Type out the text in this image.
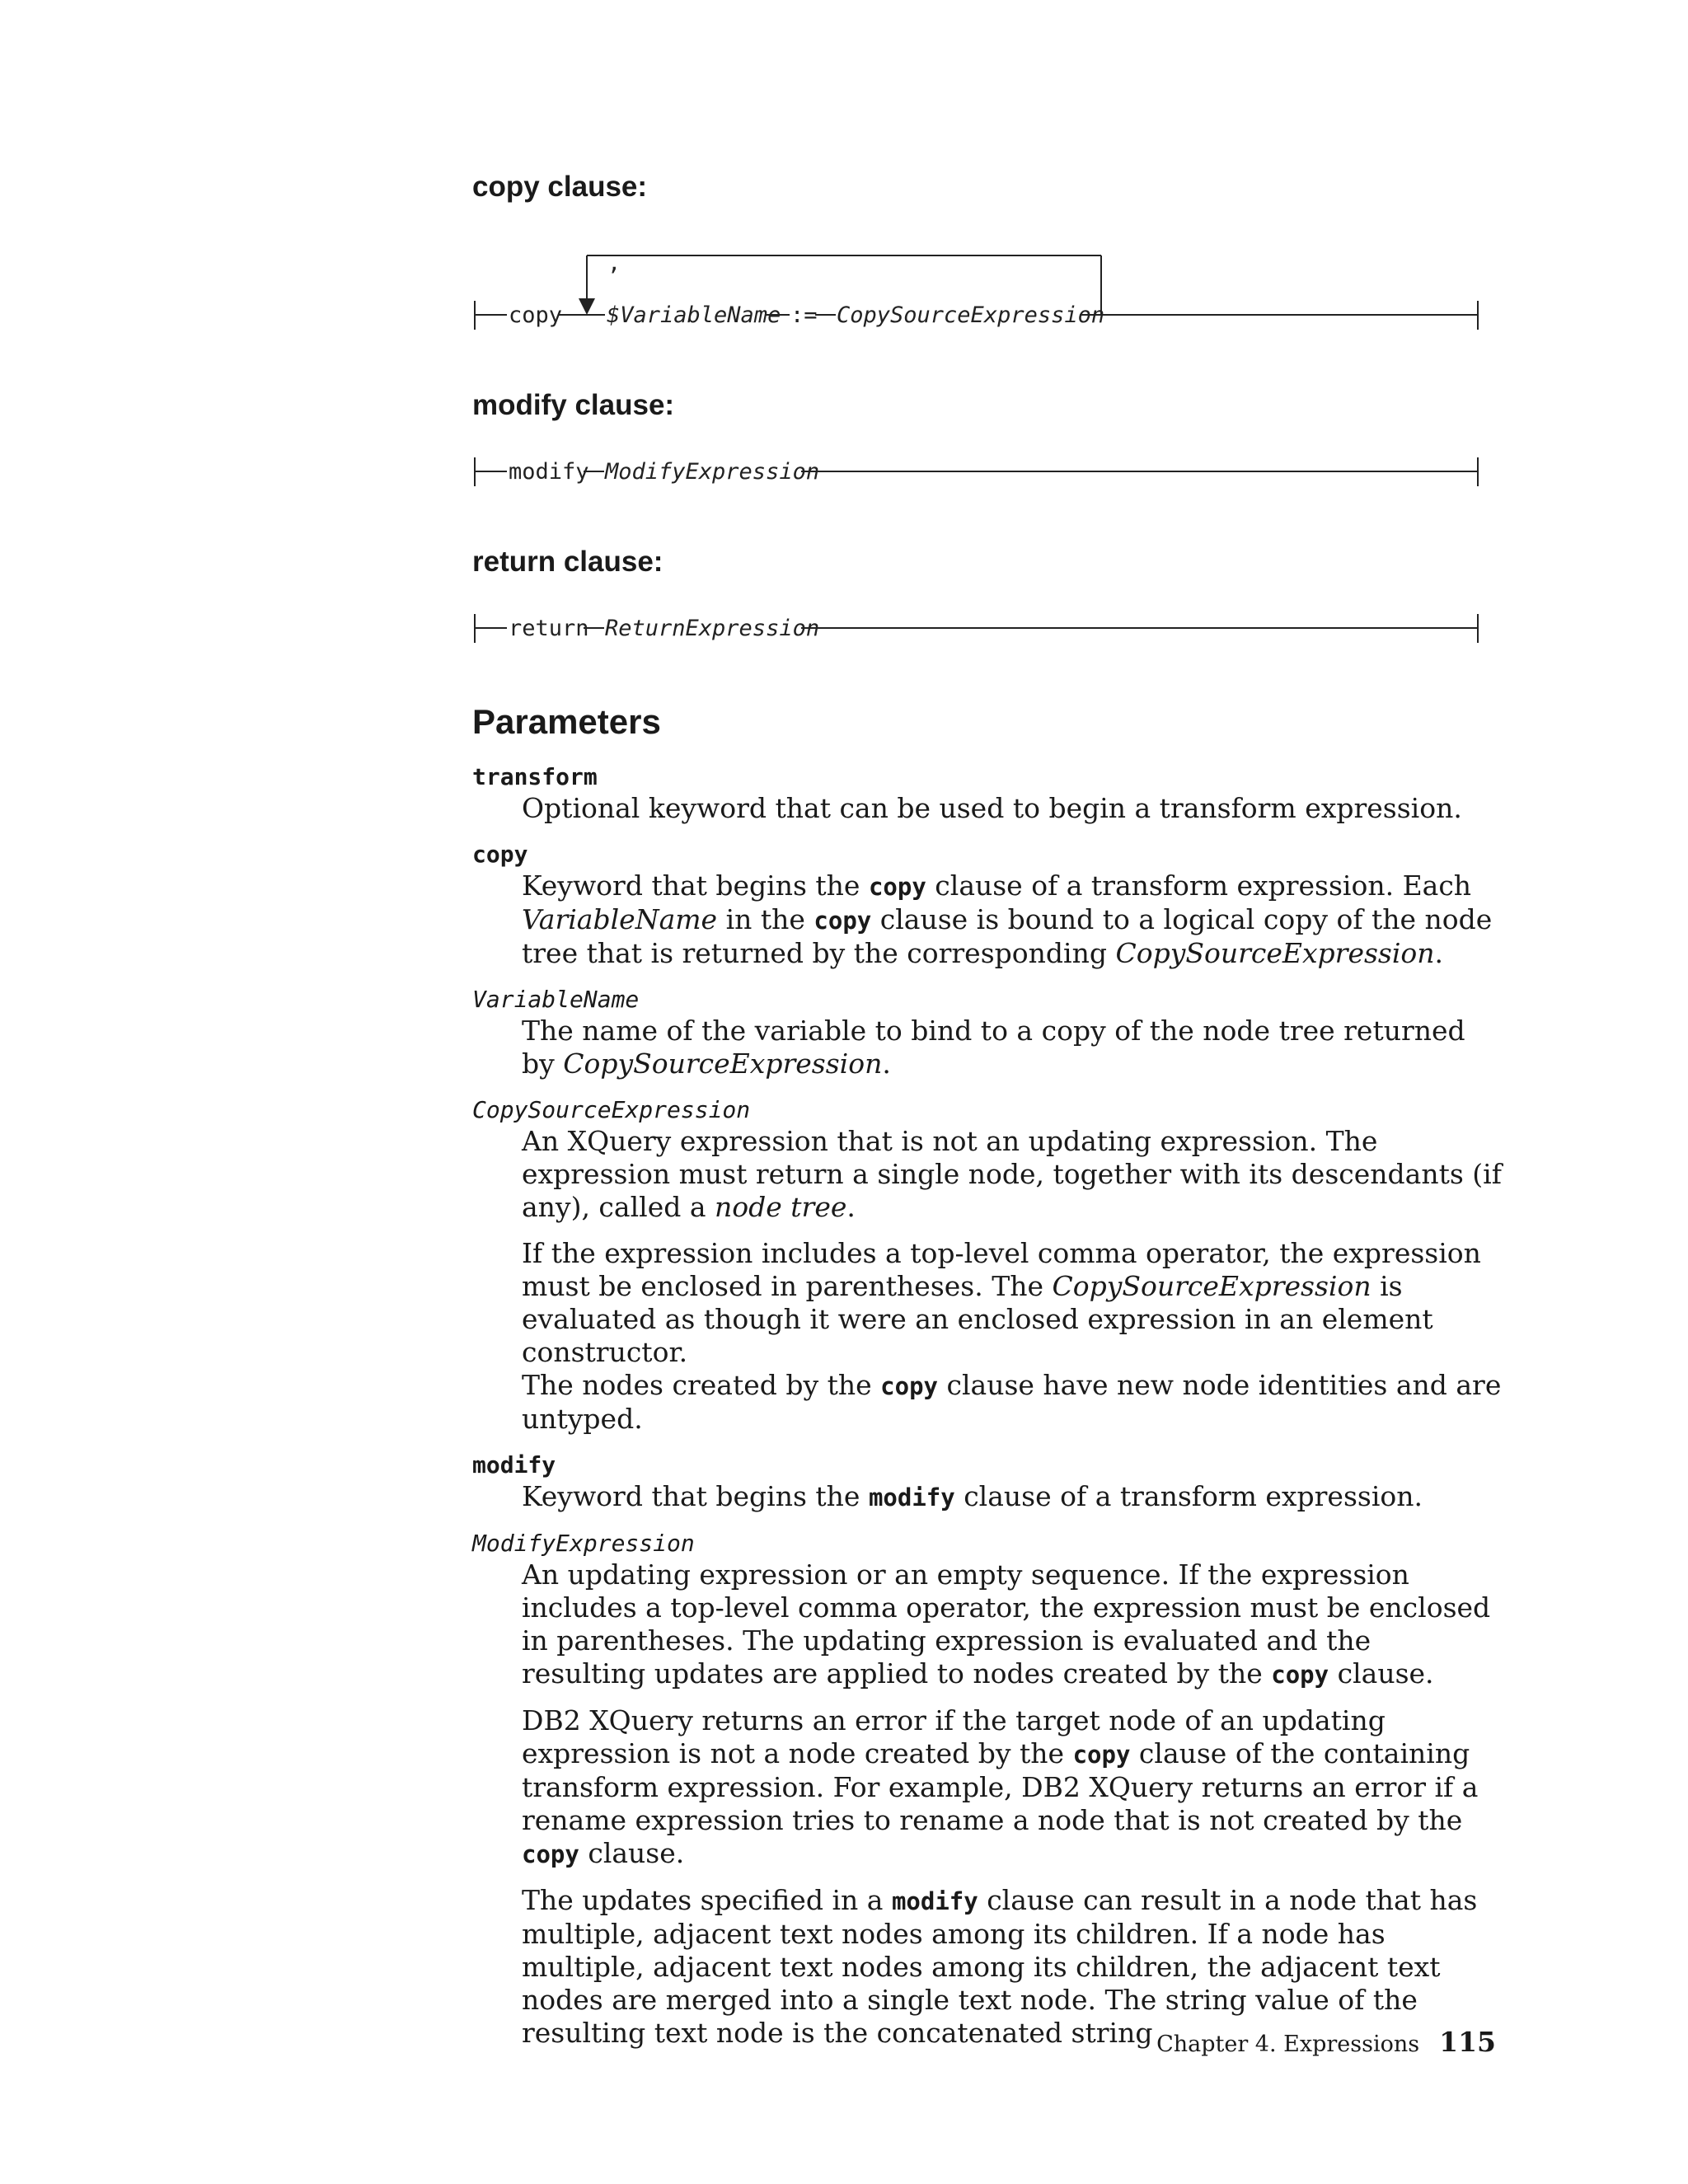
copy clause:
modify clause:
return clause:
copy
,
$VariableName := CopySourceExpression
modify ModifyExpression
return ReturnExpression
Parameters

transform

Optional keyword that can be used to begin a transform expression.

copy

Keyword that begins the copy clause of a transform expression. Each VariableName in the copy clause is bound to a logical copy of the node tree that is returned by the corresponding CopySourceExpression.

VariableName

The name of the variable to bind to a copy of the node tree returned by CopySourceExpression.

CopySourceExpression

An XQuery expression that is not an updating expression. The expression must return a single node, together with its descendants (if any), called a node tree.

If the expression includes a top-level comma operator, the expression must be enclosed in parentheses. The CopySourceExpression is evaluated as though it were an enclosed expression in an element constructor.

The nodes created by the copy clause have new node identities and are untyped.

modify

Keyword that begins the modify clause of a transform expression.

ModifyExpression

An updating expression or an empty sequence. If the expression includes a top-level comma operator, the expression must be enclosed in parentheses. The updating expression is evaluated and the resulting updates are applied to nodes created by the copy clause.

DB2 XQuery returns an error if the target node of an updating expression is not a node created by the copy clause of the containing transform expression. For example, DB2 XQuery returns an error if a rename expression tries to rename a node that is not created by the copy clause.

The updates specified in a modify clause can result in a node that has multiple, adjacent text nodes among its children. If a node has multiple, adjacent text nodes among its children, the adjacent text nodes are merged into a single text node. The string value of the resulting text node is the concatenated string Chapter 4. Expressions 115
